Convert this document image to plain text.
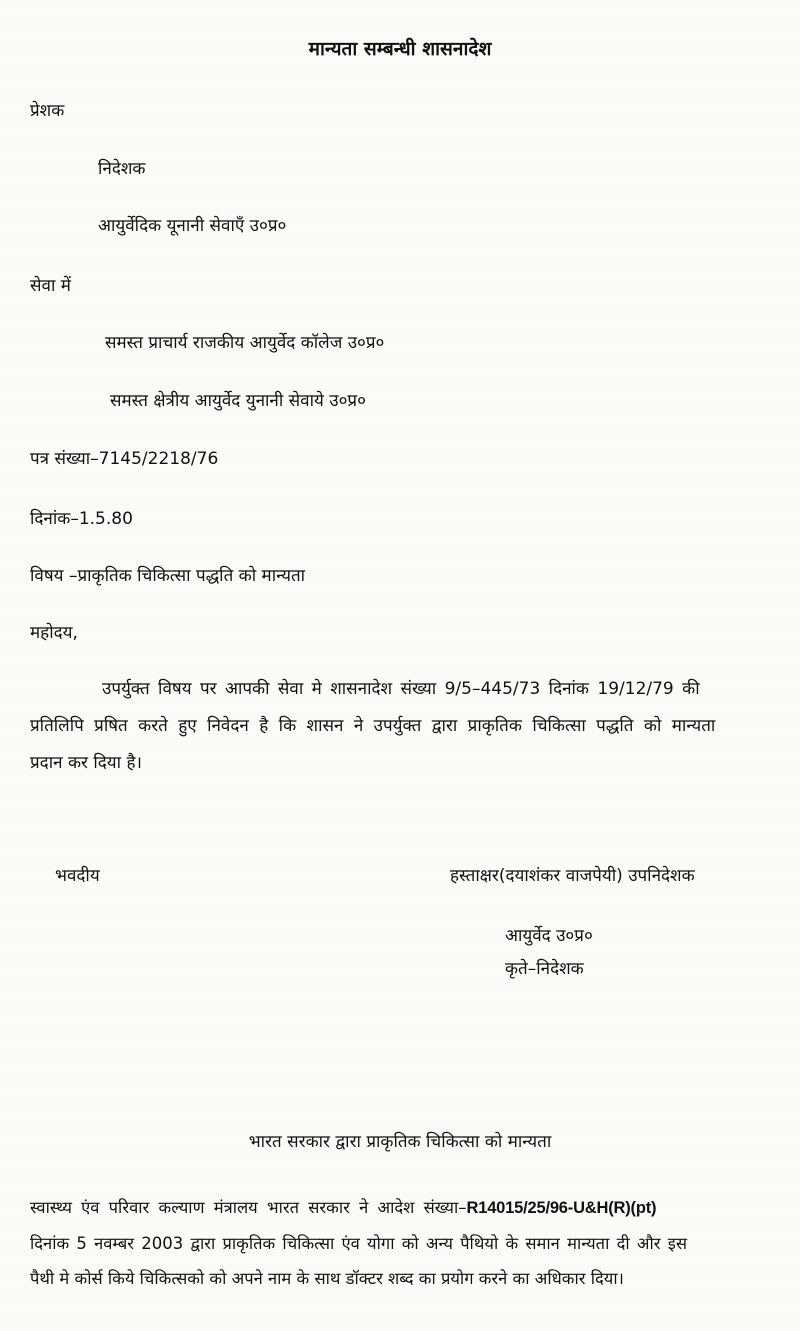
मान्यता सम्बन्धी शासनादेश
प्रेशक
निदेशक
आयुर्वेदिक यूनानी सेवाएँ उ०प्र०
सेवा में
समस्त प्राचार्य राजकीय आयुर्वेद कॉलेज उ०प्र०
समस्त क्षेत्रीय आयुर्वेद युनानी सेवाये उ०प्र०
पत्र संख्या–7145/2218/76
दिनांक–1.5.80
विषय –प्राकृतिक चिकित्सा पद्धति को मान्यता
महोदय,
उपर्युक्त विषय पर आपकी सेवा मे शासनादेश संख्या 9/5–445/73 दिनांक 19/12/79 की
प्रतिलिपि प्रषित करते हुए निवेदन है कि शासन ने उपर्युक्त द्वारा प्राकृतिक चिकित्सा पद्धति को मान्यता
प्रदान कर दिया है।
भवदीय	हस्ताक्षर(दयाशंकर वाजपेयी) उपनिदेशक
आयुर्वेद उ०प्र०
कृते–निदेशक
भारत सरकार द्वारा प्राकृतिक चिकित्सा को मान्यता
स्वास्थ्य एंव परिवार कल्याण मंत्रालय भारत सरकार ने आदेश संख्या–R14015/25/96-U&H(R)(pt)
दिनांक 5 नवम्बर 2003 द्वारा प्राकृतिक चिकित्सा एंव योगा को अन्य पैथियो के समान मान्यता दी और इस
पैथी मे कोर्स किये चिकित्सको को अपने नाम के साथ डॉक्टर शब्द का प्रयोग करने का अधिकार दिया।
